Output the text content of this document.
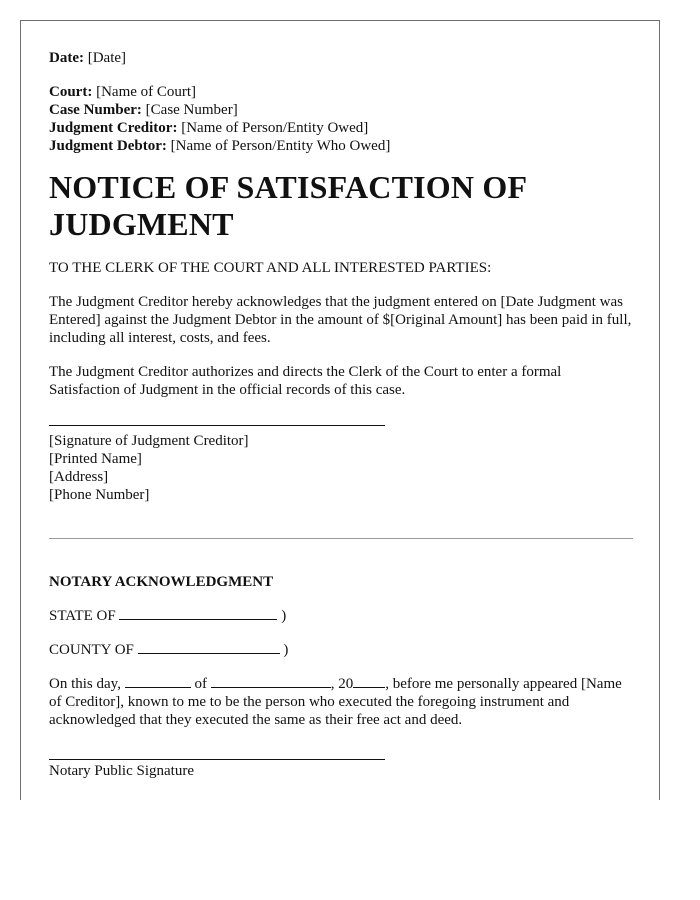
Date: [Date]

Court: [Name of Court]

Case Number: [Case Number]

Judgment Creditor: [Name of Person/Entity Owed]

Judgment Debtor: [Name of Person/Entity Who Owed]

NOTICE OF SATISFACTION OF JUDGMENT

TO THE CLERK OF THE COURT AND ALL INTERESTED PARTIES:

The Judgment Creditor hereby acknowledges that the judgment entered on [Date Judgment was Entered] against the Judgment Debtor in the amount of $[Original Amount] has been paid in full, including all interest, costs, and fees.

The Judgment Creditor authorizes and directs the Clerk of the Court to enter a formal Satisfaction of Judgment in the official records of this case.

[Signature of Judgment Creditor]

[Printed Name]

[Address]

[Phone Number]

NOTARY ACKNOWLEDGMENT

STATE OF	)

COUNTY OF	)

On this day,	of	, 20 , before me personally appeared [Name of Creditor], known to me to be the person who executed the foregoing instrument and acknowledged that they executed the same as their free act and deed.

Notary Public Signature
